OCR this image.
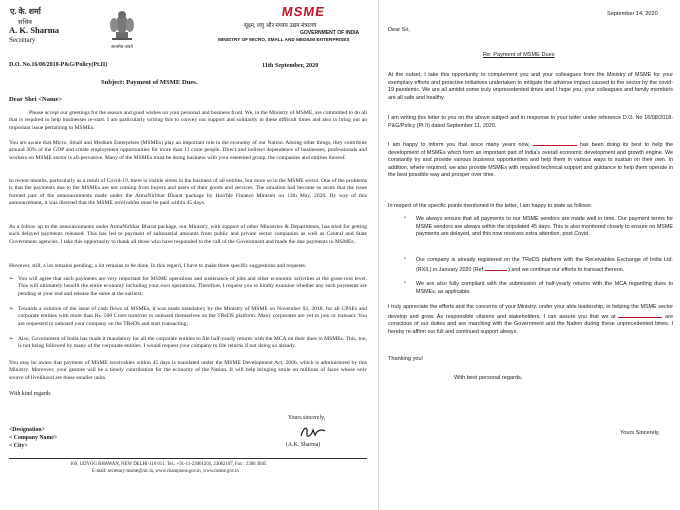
ए. के. शर्मा
सचिव
A. K. Sharma
Secretary
सत्यमेव जयते
MSME
सूक्ष्म, लघु और मध्यम उद्यम मंत्रालय
GOVERNMENT OF INDIA
MINISTRY OF MICRO, SMALL AND MEDIUM ENTERPRISES
D.O. No.16/08/2018-P&G/Policy(Pt.II)	11th September, 2020
Subject: Payment of MSME Dues.
Dear Shri <Name>
Please accept our greetings for the season and good wishes on your personal and business front. We, in the Ministry of MSME, are committed to do all that is required to help businesses re-start. I am particularly writing this to convey our support and solidarity in these difficult times and also to bring out an important issue pertaining to MSMEs.
You are aware that Micro, Small and Medium Enterprises (MSMEs) play an important role in the economy of our Nation. Among other things, they contribute around 30% of the GDP and create employment opportunities for more than 11 crore people. Direct and indirect dependence of businesses, professionals and workers on MSME sector is all-pervasive. Many of the MSMEs must be doing business with your esteemed group, the companies and entities thereof.
In recent months, particularly as a result of Covid-19, there is visible stress in the business of all entities, but more so in the MSME sector. One of the problems is that the payments due to the MSMEs are not coming from buyers and users of their goods and services. The situation had become so acute that the issue formed part of the announcements made under the AtmaNirbhar Bharat package by Hon'ble Finance Minister on 13th May, 2020. By way of this announcement, it was directed that the MSME receivables must be paid within 45 days.
As a follow up to the announcements under AtmaNirbhar Bharat package, our Ministry, with support of other Ministries & Departments, has tried for getting such delayed payments released. This has led to payment of substantial amounts from public and private sector companies as well as Central and State Government agencies. I take this opportunity to thank all those who have responded to the call of the Government and made the due payments to MSMEs.
However, still, a lot remains pending; a lot remains to be done. In this regard, I have to make three specific suggestions and requests:
➢ You will agree that such payments are very important for MSME operations and sustenance of jobs and other economic activities at the grass-root level. This will ultimately benefit the entire economy including your own operations. Therefore, I request you to kindly examine whether any such payments are pending at your end and release the same at the earliest;
➢ Towards a solution of the issue of cash flows of MSMEs, it was made mandatory by the Ministry of MSME on November 02, 2018, for all CPSEs and corporate entities with more than Rs. 500 Crore turnover to onboard themselves on the TReDS platform. Many corporates are yet to join or transact. You are requested to onboard your company on the TReDS and start transacting;
➢ Also, Government of India has made it mandatory for all the corporate entities to file half-yearly returns with the MCA on their dues to MSMEs. This, too, is not being followed by many of the corporate entities. I would request your company to file returns if not doing so already.
You may be aware that payment of MSME receivables within 45 days is mandated under the MSME Development Act, 2006, which is administered by this Ministry. Moreover, your gesture will be a timely contribution for the economy of the Nation. It will help bringing smile on millions of faces whose only source of livelihood are these smaller units.
With kind regards
Yours sincerely,
(A.K. Sharma)
<Designation>
< Company Name>
< City>
169, UDYOG BHAWAN, NEW DELHI-110 011, Tel.: +91-11-23061203, 23062107, Fax : 2306 3045
E-mail: secretary-msme@nic.in, www.champions.gov.in, www.msme.gov.in
September 14, 2020
Dear Sir,
Re: Payment of MSME Dues
At the outset, I take this opportunity to complement you and your colleagues from the Ministry of MSME for your exemplary efforts and proactive initiatives undertaken to mitigate the adverse impact caused to the sector by the covid-19 pandemic. We are all amidst some truly unprecedented times and I hope you, your colleagues and family members are all safe and healthy.
I am writing this letter to you on the above subject and in response to your letter under reference D.O. No 16/08/2018-P&G/Policy (Pt II) dated September 11, 2020.
I am happy to inform you that since many years now,	has been doing its best to help the development of MSMEs which form an important part of India's overall economic development and growth engine. We constantly try and provide various business opportunities and help them in various ways to sustain on their own. In addition, where required, we also provide MSMEs with required technical support and guidance to help them operate in the best possible way and prosper over time.
In respect of the specific points mentioned in the letter, I am happy to state as follows:
• We always ensure that all payments to our MSME vendors are made well in time. Our payment terms for MSME vendors are always within the stipulated 45 days. This is also monitored closely to ensure no MSME payments are delayed, and this now receives extra attention, post Covid.
• Our company is already registered on the TReDS platform with the Receivables Exchange of India Ltd. (RXIL) in January 2020 (Ref	) and we continue our efforts to transact thereon.
• We are also fully compliant with the submission of half-yearly returns with the MCA regarding dues to MSMEs, as applicable.
I truly appreciate the efforts and the concerns of your Ministry, under your able leadership, in helping the MSME sector develop and grow. As responsible citizens and stakeholders, I can assure you that we at	are conscious of our duties and are marching with the Government and the Nation during these unprecedented times. I hereby re-affirm our full and continued support always.
Thanking you!
With best personal regards,
Yours Sincerely,
